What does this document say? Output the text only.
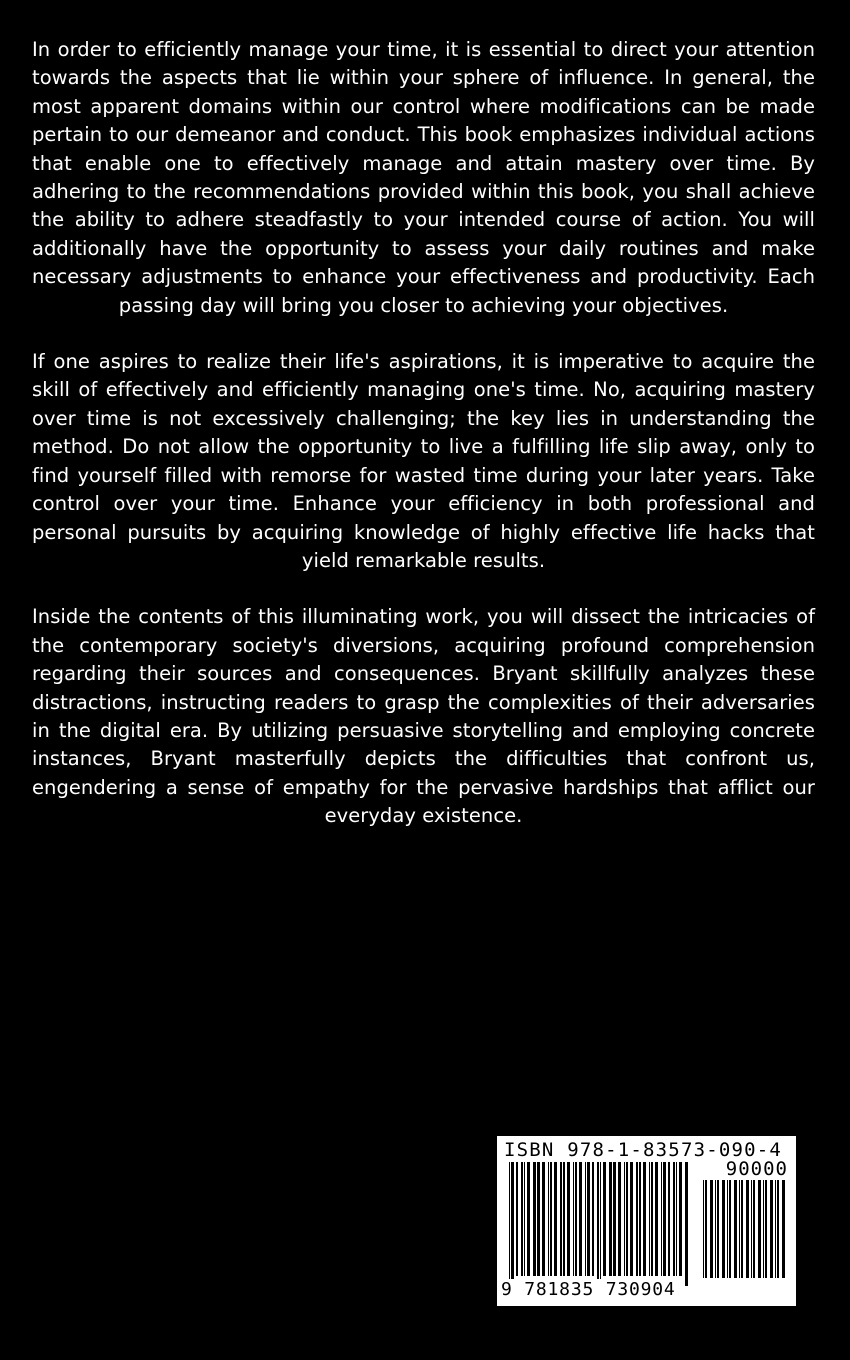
In order to efficiently manage your time, it is essential to direct your attention towards the aspects that lie within your sphere of influence. In general, the most apparent domains within our control where modifications can be made pertain to our demeanor and conduct. This book emphasizes individual actions that enable one to effectively manage and attain mastery over time. By adhering to the recommendations provided within this book, you shall achieve the ability to adhere steadfastly to your intended course of action. You will additionally have the opportunity to assess your daily routines and make necessary adjustments to enhance your effectiveness and productivity. Each passing day will bring you closer to achieving your objectives.

If one aspires to realize their life's aspirations, it is imperative to acquire the skill of effectively and efficiently managing one's time. No, acquiring mastery over time is not excessively challenging; the key lies in understanding the method. Do not allow the opportunity to live a fulfilling life slip away, only to find yourself filled with remorse for wasted time during your later years. Take control over your time. Enhance your efficiency in both professional and personal pursuits by acquiring knowledge of highly effective life hacks that yield remarkable results.

Inside the contents of this illuminating work, you will dissect the intricacies of the contemporary society's diversions, acquiring profound comprehension regarding their sources and consequences. Bryant skillfully analyzes these distractions, instructing readers to grasp the complexities of their adversaries in the digital era. By utilizing persuasive storytelling and employing concrete instances, Bryant masterfully depicts the difficulties that confront us, engendering a sense of empathy for the pervasive hardships that afflict our everyday existence.

ISBN 978-1-83573-090-4
90000
9 781835 730904
